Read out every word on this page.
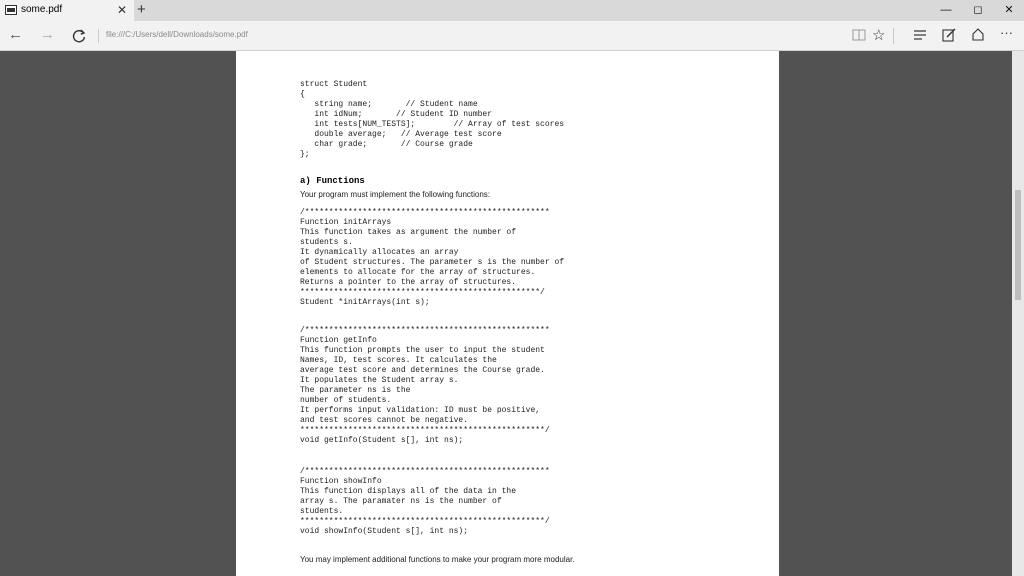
some.pdf	✕ +	—	◻	✕
← →	file:///C:/Users/dell/Downloads/some.pdf	☆	···
struct Student
{
string name;       // Student name
int idNum;       // Student ID number
int tests[NUM_TESTS];        // Array of test scores
double average;   // Average test score
char grade;       // Course grade
};
a) Functions
Your program must implement the following functions:
/***************************************************
Function initArrays
This function takes as argument the number of
students s.
It dynamically allocates an array
of Student structures. The parameter s is the number of
elements to allocate for the array of structures.
Returns a pointer to the array of structures.
**************************************************/
Student *initArrays(int s);
/***************************************************
Function getInfo
This function prompts the user to input the student
Names, ID, test scores. It calculates the
average test score and determines the Course grade.
It populates the Student array s.
The parameter ns is the
number of students.
It performs input validation: ID must be positive,
and test scores cannot be negative.
***************************************************/
void getInfo(Student s[], int ns);
/***************************************************
Function showInfo
This function displays all of the data in the
array s. The paramater ns is the number of
students.
***************************************************/
void showInfo(Student s[], int ns);
You may implement additional functions to make your program more modular.
